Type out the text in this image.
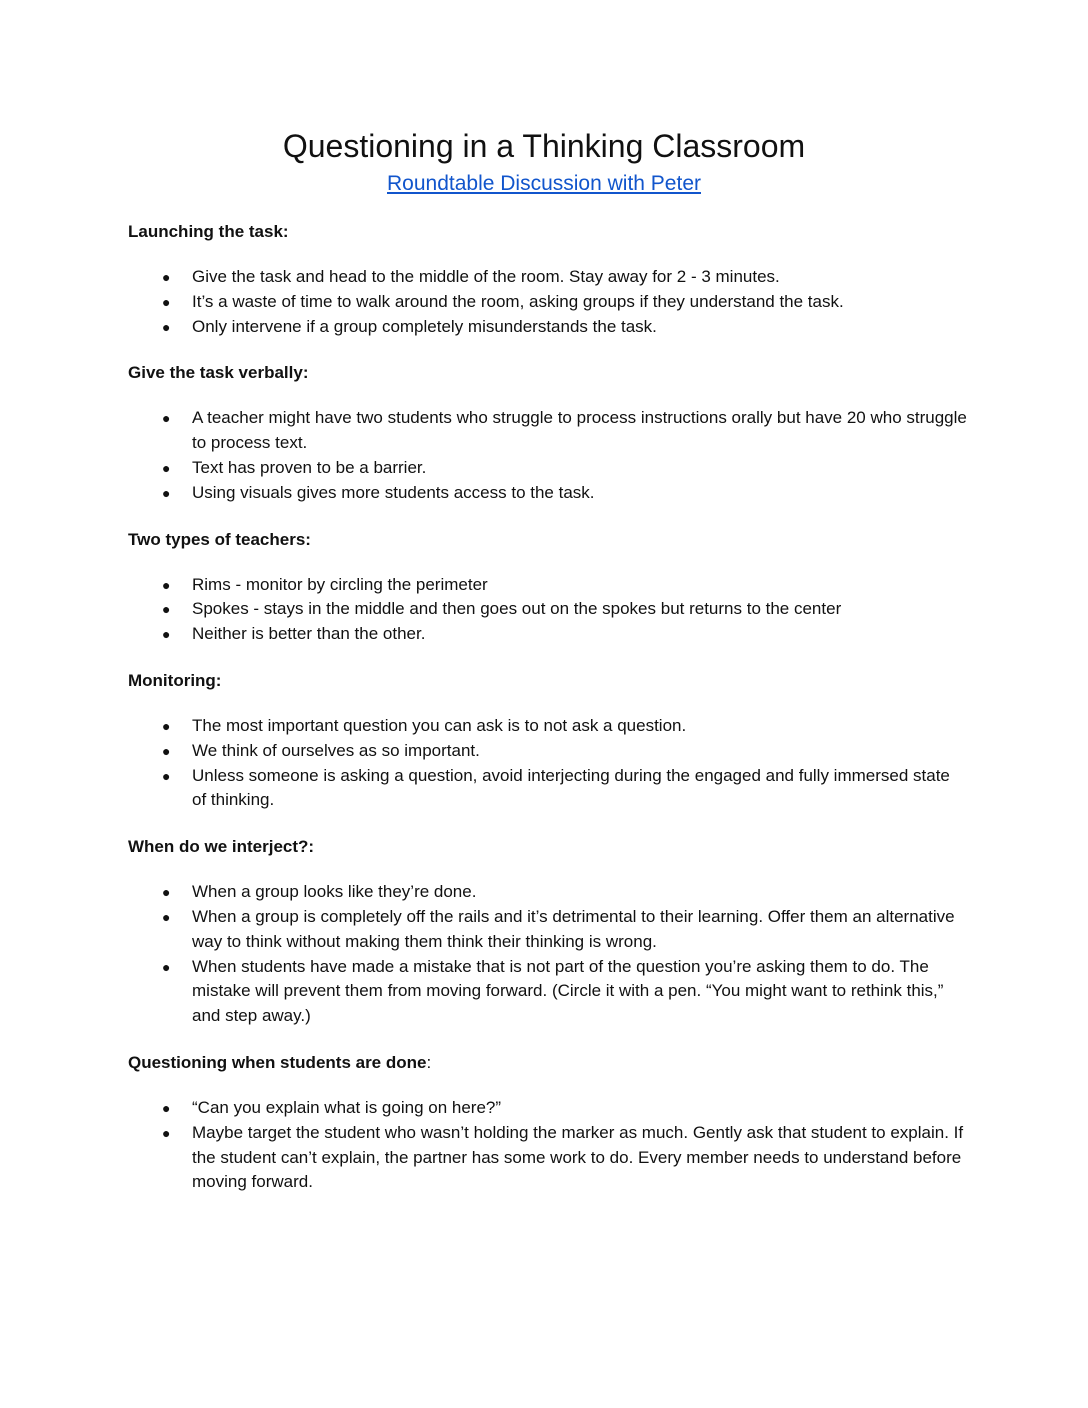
Questioning in a Thinking Classroom
Roundtable Discussion with Peter
Launching the task:
● Give the task and head to the middle of the room. Stay away for 2 - 3 minutes.
● It’s a waste of time to walk around the room, asking groups if they understand the task.
● Only intervene if a group completely misunderstands the task.
Give the task verbally:
● A teacher might have two students who struggle to process instructions orally but have 20 who struggle to process text.
● Text has proven to be a barrier.
● Using visuals gives more students access to the task.
Two types of teachers:
● Rims - monitor by circling the perimeter
● Spokes - stays in the middle and then goes out on the spokes but returns to the center
● Neither is better than the other.
Monitoring:
● The most important question you can ask is to not ask a question.
● We think of ourselves as so important.
● Unless someone is asking a question, avoid interjecting during the engaged and fully immersed state of thinking.
When do we interject?:
● When a group looks like they’re done.
● When a group is completely off the rails and it’s detrimental to their learning. Offer them an alternative way to think without making them think their thinking is wrong.
● When students have made a mistake that is not part of the question you’re asking them to do. The mistake will prevent them from moving forward. (Circle it with a pen. “You might want to rethink this,” and step away.)
Questioning when students are done:
● “Can you explain what is going on here?”
● Maybe target the student who wasn’t holding the marker as much. Gently ask that student to explain. If the student can’t explain, the partner has some work to do. Every member needs to understand before moving forward.
